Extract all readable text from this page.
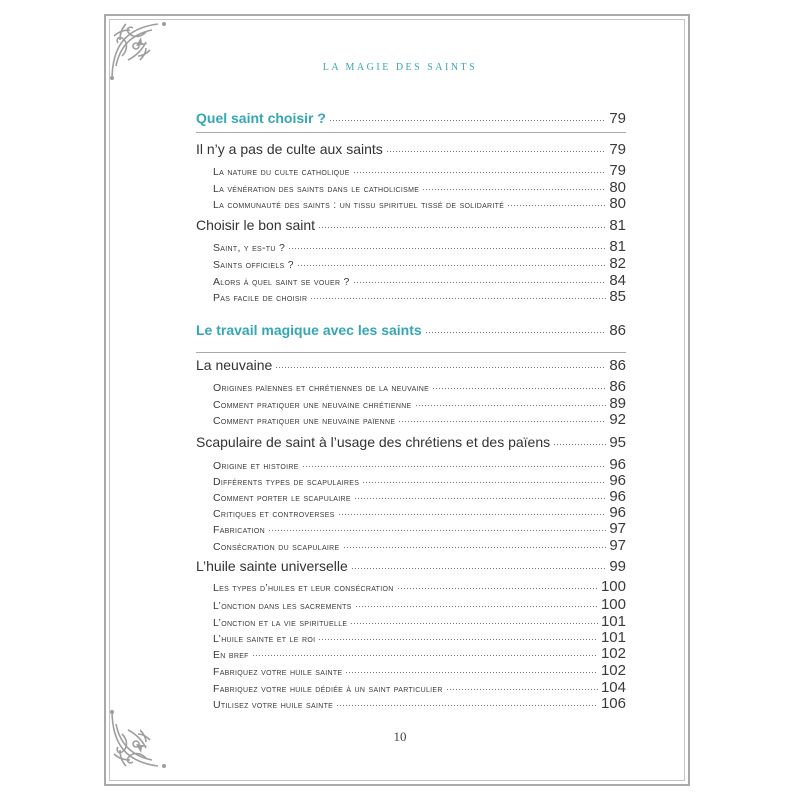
LA MAGIE DES SAINTS
Quel saint choisir ?	79
Il n’y a pas de culte aux saints	79
La nature du culte catholique	79
La vénération des saints dans le catholicisme	80
La communauté des saints : un tissu spirituel tissé de solidarité	80
Choisir le bon saint	81
Saint, y es-tu ?	81
Saints officiels ?	82
Alors à quel saint se vouer ?	84
Pas facile de choisir	85
Le travail magique avec les saints	86
La neuvaine	86
Origines païennes et chrétiennes de la neuvaine	86
Comment pratiquer une neuvaine chrétienne	89
Comment pratiquer une neuvaine païenne	92
Scapulaire de saint à l’usage des chrétiens et des païens	95
Origine et histoire	96
Différents types de scapulaires	96
Comment porter le scapulaire	96
Critiques et controverses	96
Fabrication	97
Consécration du scapulaire	97
L’huile sainte universelle	99
Les types d’huiles et leur consécration	100
L’onction dans les sacrements	100
L’onction et la vie spirituelle	101
L’huile sainte et le roi	101
En bref	102
Fabriquez votre huile sainte	102
Fabriquez votre huile dédiée à un saint particulier	104
Utilisez votre huile sainte	106
10
